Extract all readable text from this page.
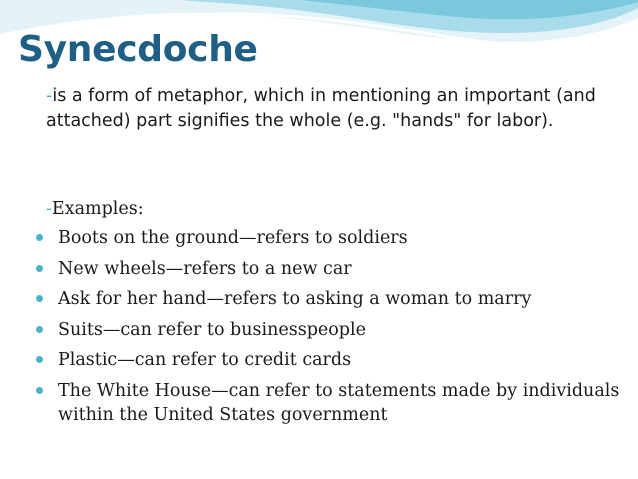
Synecdoche

-is a form of metaphor, which in mentioning an important (and attached) part signifies the whole (e.g. "hands" for labor).

-Examples:

Boots on the ground—refers to soldiers
New wheels—refers to a new car
Ask for her hand—refers to asking a woman to marry
Suits—can refer to businesspeople
Plastic—can refer to credit cards
The White House—can refer to statements made by individuals within the United States government
